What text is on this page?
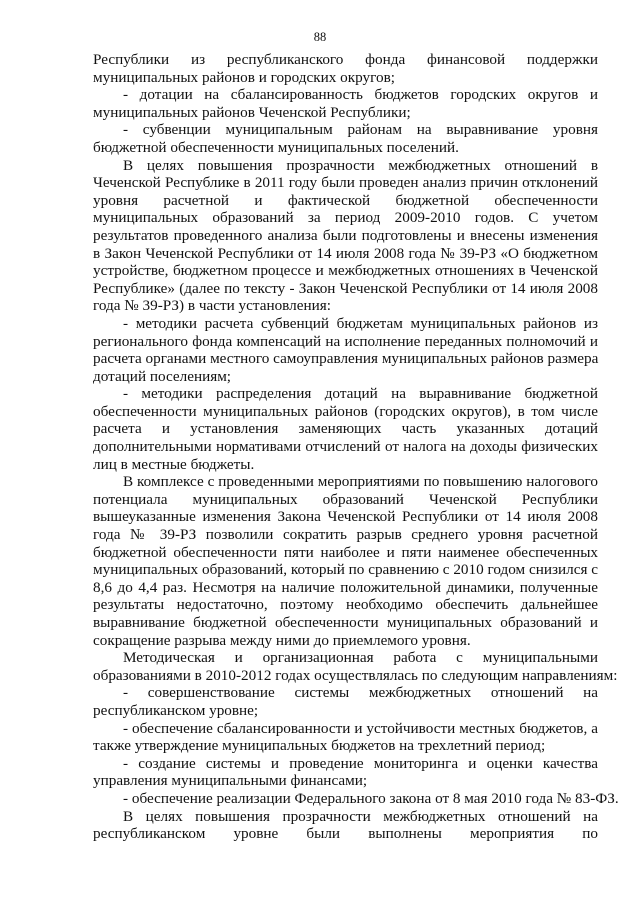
88
Республики из республиканского фонда финансовой поддержки
муниципальных районов и городских округов;
- дотации на сбалансированность бюджетов городских округов и
муниципальных районов Чеченской Республики;
- субвенции муниципальным районам на выравнивание уровня
бюджетной обеспеченности муниципальных поселений.
В целях повышения прозрачности межбюджетных отношений в
Чеченской Республике в 2011 году были проведен анализ причин отклонений
уровня расчетной и фактической бюджетной обеспеченности
муниципальных образований за период 2009-2010 годов. С учетом
результатов проведенного анализа были подготовлены и внесены изменения
в Закон Чеченской Республики от 14 июля 2008 года № 39-РЗ «О бюджетном
устройстве, бюджетном процессе и межбюджетных отношениях в Чеченской
Республике» (далее по тексту - Закон Чеченской Республики от 14 июля 2008
года № 39-РЗ) в части установления:
- методики расчета субвенций бюджетам муниципальных районов из
регионального фонда компенсаций на исполнение переданных полномочий и
расчета органами местного самоуправления муниципальных районов размера
дотаций поселениям;
- методики распределения дотаций на выравнивание бюджетной
обеспеченности муниципальных районов (городских округов), в том числе
расчета и установления заменяющих часть указанных дотаций
дополнительными нормативами отчислений от налога на доходы физических
лиц в местные бюджеты.
В комплексе с проведенными мероприятиями по повышению налогового
потенциала муниципальных образований Чеченской Республики
вышеуказанные изменения Закона Чеченской Республики от 14 июля 2008
года № 39-РЗ позволили сократить разрыв среднего уровня расчетной
бюджетной обеспеченности пяти наиболее и пяти наименее обеспеченных
муниципальных образований, который по сравнению с 2010 годом снизился с
8,6 до 4,4 раз. Несмотря на наличие положительной динамики, полученные
результаты недостаточно, поэтому необходимо обеспечить дальнейшее
выравнивание бюджетной обеспеченности муниципальных образований и
сокращение разрыва между ними до приемлемого уровня.
Методическая и организационная работа с муниципальными
образованиями в 2010-2012 годах осуществлялась по следующим направлениям:
- совершенствование системы межбюджетных отношений на
республиканском уровне;
- обеспечение сбалансированности и устойчивости местных бюджетов, а
также утверждение муниципальных бюджетов на трехлетний период;
- создание системы и проведение мониторинга и оценки качества
управления муниципальными финансами;
- обеспечение реализации Федерального закона от 8 мая 2010 года № 83-ФЗ.
В целях повышения прозрачности межбюджетных отношений на
республиканском уровне были выполнены мероприятия по
